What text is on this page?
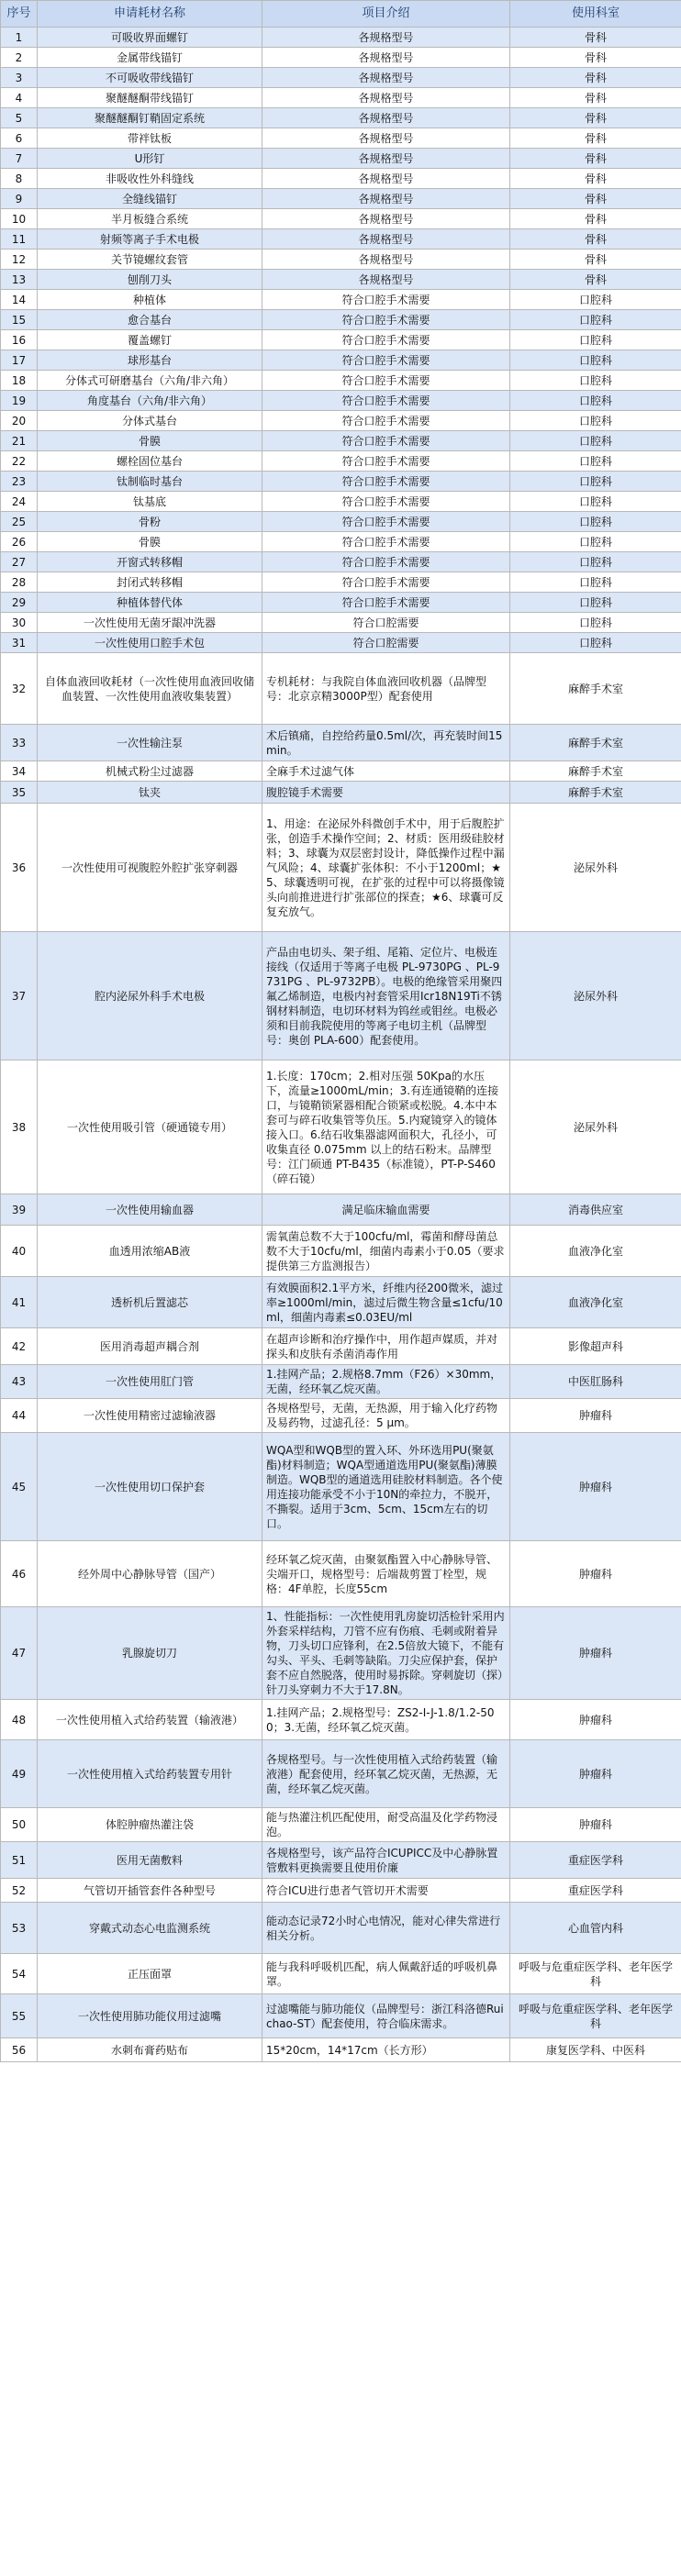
序号	申请耗材名称	项目介绍	使用科室
1	可吸收界面螺钉	各规格型号	骨科
2	金属带线锚钉	各规格型号	骨科
3	不可吸收带线锚钉	各规格型号	骨科
4	聚醚醚酮带线锚钉	各规格型号	骨科
5	聚醚醚酮钉鞘固定系统	各规格型号	骨科
6	带袢钛板	各规格型号	骨科
7	U形钉	各规格型号	骨科
8	非吸收性外科缝线	各规格型号	骨科
9	全缝线锚钉	各规格型号	骨科
10	半月板缝合系统	各规格型号	骨科
11	射频等离子手术电极	各规格型号	骨科
12	关节镜螺纹套管	各规格型号	骨科
13	刨削刀头	各规格型号	骨科
14	种植体	符合口腔手术需要	口腔科
15	愈合基台	符合口腔手术需要	口腔科
16	覆盖螺钉	符合口腔手术需要	口腔科
17	球形基台	符合口腔手术需要	口腔科
18	分体式可研磨基台（六角/非六角）	符合口腔手术需要	口腔科
19	角度基台（六角/非六角）	符合口腔手术需要	口腔科
20	分体式基台	符合口腔手术需要	口腔科
21	骨膜	符合口腔手术需要	口腔科
22	螺栓固位基台	符合口腔手术需要	口腔科
23	钛制临时基台	符合口腔手术需要	口腔科
24	钛基底	符合口腔手术需要	口腔科
25	骨粉	符合口腔手术需要	口腔科
26	骨膜	符合口腔手术需要	口腔科
27	开窗式转移帽	符合口腔手术需要	口腔科
28	封闭式转移帽	符合口腔手术需要	口腔科
29	种植体替代体	符合口腔手术需要	口腔科
30	一次性使用无菌牙龈冲洗器	符合口腔需要	口腔科
31	一次性使用口腔手术包	符合口腔需要	口腔科
32	自体血液回收耗材（一次性使用血液回收储血装置、一次性使用血液收集装置）	专机耗材：与我院自体血液回收机器（品牌型号：北京京精3000P型）配套使用	麻醉手术室
33	一次性输注泵	术后镇痛，自控给药量0.5ml/次，再充装时间15min。	麻醉手术室
34	机械式粉尘过滤器	全麻手术过滤气体	麻醉手术室
35	钛夹	腹腔镜手术需要	麻醉手术室
36	一次性使用可视腹腔外腔扩张穿刺器	1、用途：在泌尿外科微创手术中，用于后腹腔扩张，创造手术操作空间；2、材质：医用级硅胶材料；3、球囊为双层密封设计，降低操作过程中漏气风险；4、球囊扩张体积：不小于1200ml；★5、球囊透明可视，在扩张的过程中可以将摄像镜头向前推进进行扩张部位的探查；★6、球囊可反复充放气。	泌尿外科
37	腔内泌尿外科手术电极	产品由电切头、架子组、尾箱、定位片、电极连接线（仅适用于等离子电极 PL-9730PG 、PL-9731PG 、PL-9732PB）。电极的绝缘管采用聚四氟乙烯制造，电极内衬套管采用Icr18N19Ti不锈钢材料制造，电切环材料为钨丝或钼丝。电极必须和目前我院使用的等离子电切主机（品牌型号：奥创 PLA-600）配套使用。	泌尿外科
38	一次性使用吸引管（硬通镜专用）	1.长度：170cm；2.相对压强 50Kpa的水压下，流量≥1000mL/min；3.有连通镜鞘的连接口，与镜鞘锁紧器相配合锁紧或松脱。4.本中本套可与碎石收集管等负压。5.内窥镜穿入的镜体接入口。6.结石收集器滤网面积大，孔径小，可收集直径 0.075mm 以上的结石粉末。品牌型号：江门硕通 PT-B435（标准镜），PT-P-S460（碎石镜）	泌尿外科
39	一次性使用输血器	满足临床输血需要	消毒供应室
40	血透用浓缩AB液	需氧菌总数不大于100cfu/ml，霉菌和酵母菌总数不大于10cfu/ml，细菌内毒素小于0.05（要求提供第三方监测报告）	血液净化室
41	透析机后置滤芯	有效膜面积2.1平方米，纤维内径200微米，滤过率≥1000ml/min，滤过后微生物含量≤1cfu/10ml，细菌内毒素≤0.03EU/ml	血液净化室
42	医用消毒超声耦合剂	在超声诊断和治疗操作中，用作超声媒质，并对探头和皮肤有杀菌消毒作用	影像超声科
43	一次性使用肛门管	1.挂网产品；2.规格8.7mm（F26）×30mm，无菌，经环氧乙烷灭菌。	中医肛肠科
44	一次性使用精密过滤输液器	各规格型号，无菌，无热源，用于输入化疗药物及易药物，过滤孔径：5 μm。	肿瘤科
45	一次性使用切口保护套	WQA型和WQB型的置入环、外环选用PU(聚氨酯)材料制造；WQA型通道选用PU(聚氨酯)薄膜制造。WQB型的通道选用硅胶材料制造。各个使用连接功能承受不小于10N的牵拉力，不脱开，不撕裂。适用于3cm、5cm、15cm左右的切口。	肿瘤科
46	经外周中心静脉导管（国产）	经环氧乙烷灭菌，由聚氨酯置入中心静脉导管、尖端开口，规格型号：后端裁剪置丁栓型，规格：4F单腔，长度55cm	肿瘤科
47	乳腺旋切刀	1、性能指标：一次性使用乳房旋切活检针采用内外套采样结构，刀管不应有伤痕、毛刺或附着异物，刀头切口应锋利，在2.5倍放大镜下，不能有勾头、平头、毛刺等缺陷。刀尖应保护套，保护套不应自然脱落，使用时易拆除。穿刺旋切（探）针刀头穿刺力不大于17.8N。	肿瘤科
48	一次性使用植入式给药装置（输液港）	1.挂网产品；2.规格型号：ZS2-I-J-1.8/1.2-500；3.无菌，经环氧乙烷灭菌。	肿瘤科
49	一次性使用植入式给药装置专用针	各规格型号。与一次性使用植入式给药装置（输液港）配套使用，经环氧乙烷灭菌，无热源，无菌，经环氧乙烷灭菌。	肿瘤科
50	体腔肿瘤热灌注袋	能与热灌注机匹配使用，耐受高温及化学药物浸泡。	肿瘤科
51	医用无菌敷料	各规格型号，该产品符合ICUPICC及中心静脉置管敷料更换需要且使用价廉	重症医学科
52	气管切开插管套件各种型号	符合ICU进行患者气管切开术需要	重症医学科
53	穿戴式动态心电监测系统	能动态记录72小时心电情况，能对心律失常进行相关分析。	心血管内科
54	正压面罩	能与我科呼吸机匹配，病人佩戴舒适的呼吸机鼻罩。	呼吸与危重症医学科、老年医学科
55	一次性使用肺功能仪用过滤嘴	过滤嘴能与肺功能仪（品牌型号：浙江科洛德Ruichao-ST）配套使用，符合临床需求。	呼吸与危重症医学科、老年医学科
56	水刺布膏药贴布	15*20cm，14*17cm（长方形）	康复医学科、中医科
